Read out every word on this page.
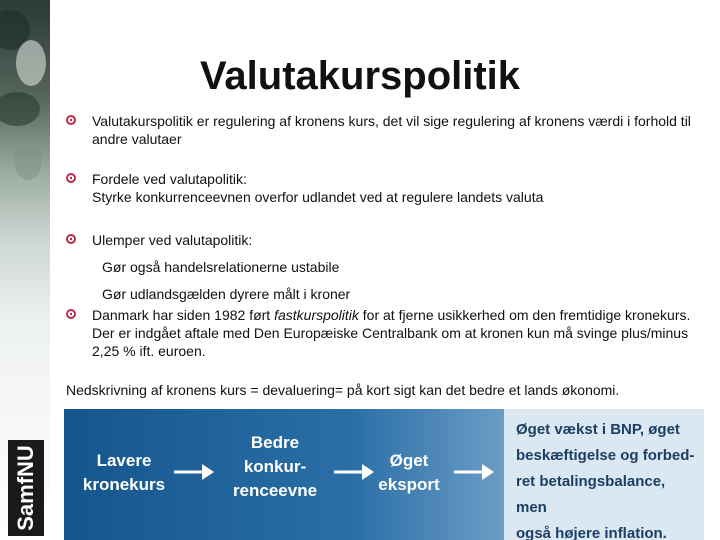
SamfNU
Valutakurspolitik
Valutakurspolitik er regulering af kronens kurs, det vil sige regulering af kronens værdi i forhold til andre valutaer
Fordele ved valutapolitik:
Styrke konkurrenceevnen overfor udlandet ved at regulere landets valuta
Ulemper ved valutapolitik:
Gør også handelsrelationerne ustabile
Gør udlandsgælden dyrere målt i kroner
Danmark har siden 1982 ført fastkurspolitik for at fjerne usikkerhed om den fremtidige kronekurs. Der er indgået aftale med Den Europæiske Centralbank om at kronen kun må svinge plus/minus 2,25 % ift. euroen.
Nedskrivning af kronens kurs = devaluering= på kort sigt kan det bedre et lands økonomi.
Lavere
kronekurs
Bedre
konkur-
renceevne
Øget
eksport
Øget vækst i BNP, øget
beskæftigelse og forbed-
ret betalingsbalance, men
også højere inflation.
